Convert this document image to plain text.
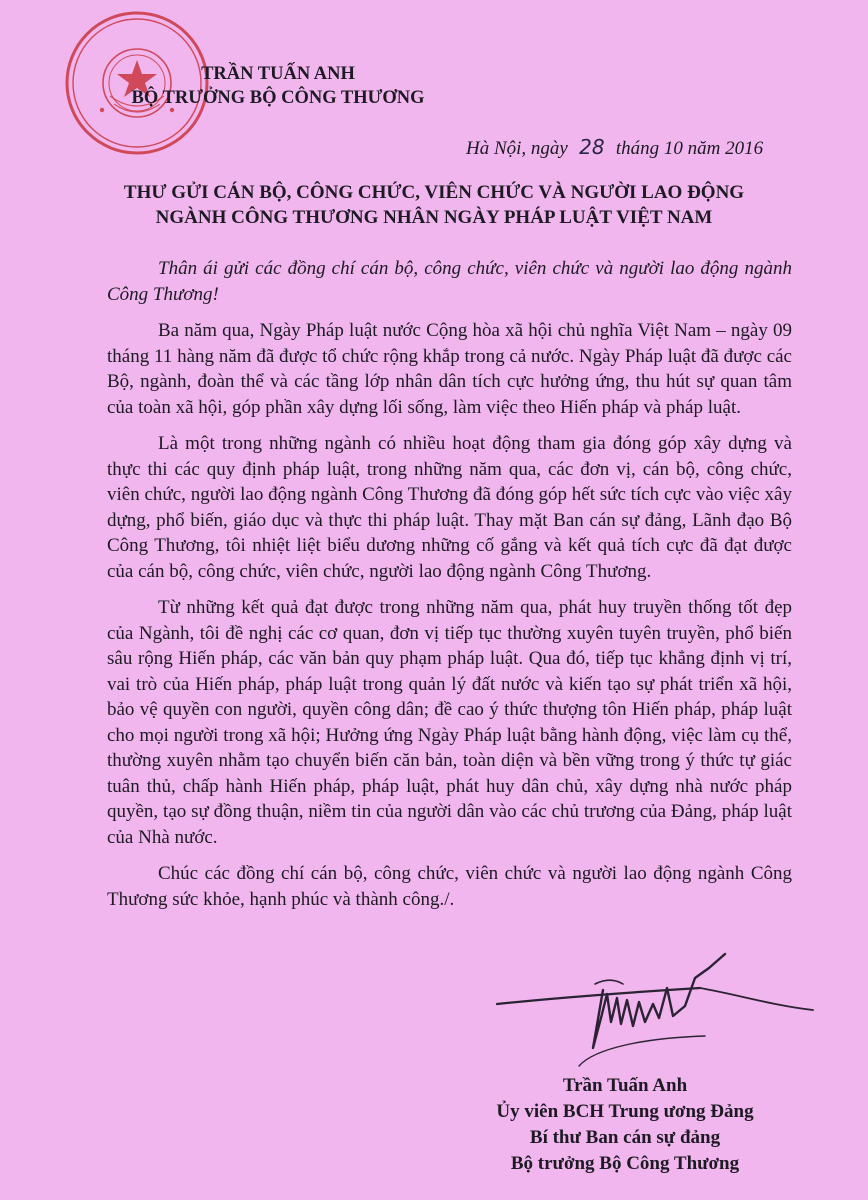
TRẦN TUẤN ANH
BỘ TRƯỞNG BỘ CÔNG THƯƠNG
Hà Nội, ngày 28 tháng 10 năm 2016
THƯ GỬI CÁN BỘ, CÔNG CHỨC, VIÊN CHỨC VÀ NGƯỜI LAO ĐỘNG
NGÀNH CÔNG THƯƠNG NHÂN NGÀY PHÁP LUẬT VIỆT NAM

Thân ái gửi các đồng chí cán bộ, công chức, viên chức và người lao động ngành Công Thương!

Ba năm qua, Ngày Pháp luật nước Cộng hòa xã hội chủ nghĩa Việt Nam – ngày 09 tháng 11 hàng năm đã được tổ chức rộng khắp trong cả nước. Ngày Pháp luật đã được các Bộ, ngành, đoàn thể và các tầng lớp nhân dân tích cực hưởng ứng, thu hút sự quan tâm của toàn xã hội, góp phần xây dựng lối sống, làm việc theo Hiến pháp và pháp luật.

Là một trong những ngành có nhiều hoạt động tham gia đóng góp xây dựng và thực thi các quy định pháp luật, trong những năm qua, các đơn vị, cán bộ, công chức, viên chức, người lao động ngành Công Thương đã đóng góp hết sức tích cực vào việc xây dựng, phổ biến, giáo dục và thực thi pháp luật. Thay mặt Ban cán sự đảng, Lãnh đạo Bộ Công Thương, tôi nhiệt liệt biểu dương những cố gắng và kết quả tích cực đã đạt được của cán bộ, công chức, viên chức, người lao động ngành Công Thương.

Từ những kết quả đạt được trong những năm qua, phát huy truyền thống tốt đẹp của Ngành, tôi đề nghị các cơ quan, đơn vị tiếp tục thường xuyên tuyên truyền, phổ biến sâu rộng Hiến pháp, các văn bản quy phạm pháp luật. Qua đó, tiếp tục khẳng định vị trí, vai trò của Hiến pháp, pháp luật trong quản lý đất nước và kiến tạo sự phát triển xã hội, bảo vệ quyền con người, quyền công dân; đề cao ý thức thượng tôn Hiến pháp, pháp luật cho mọi người trong xã hội; Hưởng ứng Ngày Pháp luật bằng hành động, việc làm cụ thể, thường xuyên nhằm tạo chuyển biến căn bản, toàn diện và bền vững trong ý thức tự giác tuân thủ, chấp hành Hiến pháp, pháp luật, phát huy dân chủ, xây dựng nhà nước pháp quyền, tạo sự đồng thuận, niềm tin của người dân vào các chủ trương của Đảng, pháp luật của Nhà nước.

Chúc các đồng chí cán bộ, công chức, viên chức và người lao động ngành Công Thương sức khỏe, hạnh phúc và thành công./.

Trần Tuấn Anh
Ủy viên BCH Trung ương Đảng
Bí thư Ban cán sự đảng
Bộ trưởng Bộ Công Thương
